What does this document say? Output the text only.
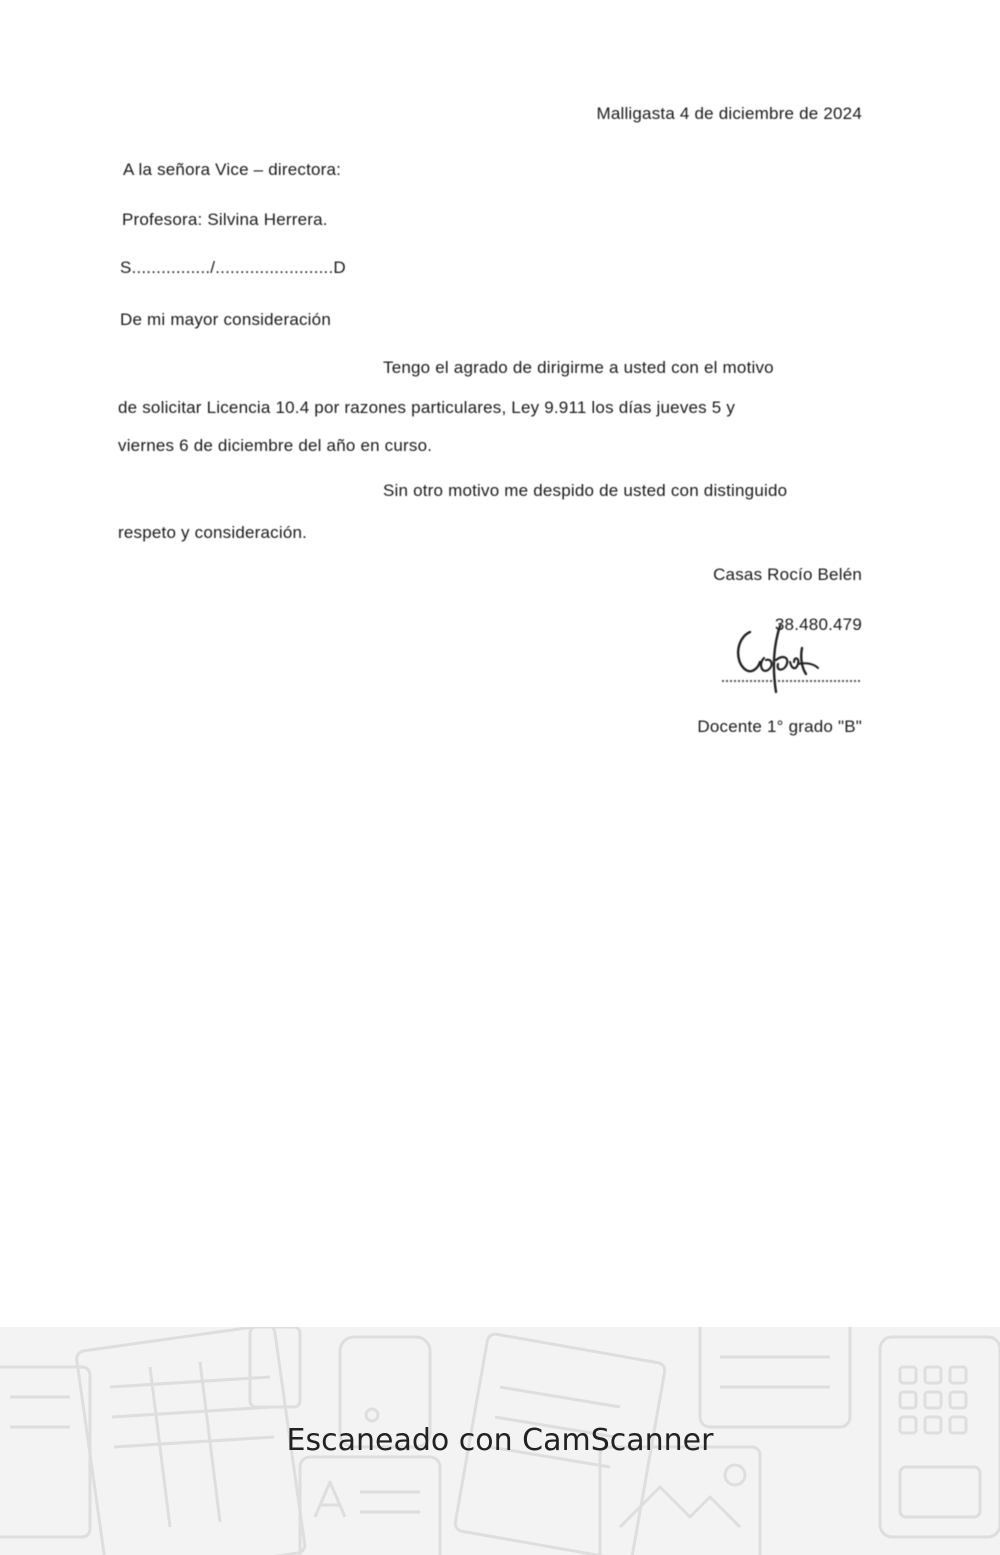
Malligasta 4 de diciembre de 2024
A la señora Vice – directora:
Profesora: Silvina Herrera.
S................/........................D
De mi mayor consideración
Tengo el agrado de dirigirme a usted con el motivo
de solicitar Licencia 10.4 por razones particulares, Ley 9.911 los días jueves 5 y
viernes 6 de diciembre del año en curso.
Sin otro motivo me despido de usted con distinguido
respeto y consideración.
Casas Rocío Belén
38.480.479
Docente 1° grado "B"
Escaneado con CamScanner
